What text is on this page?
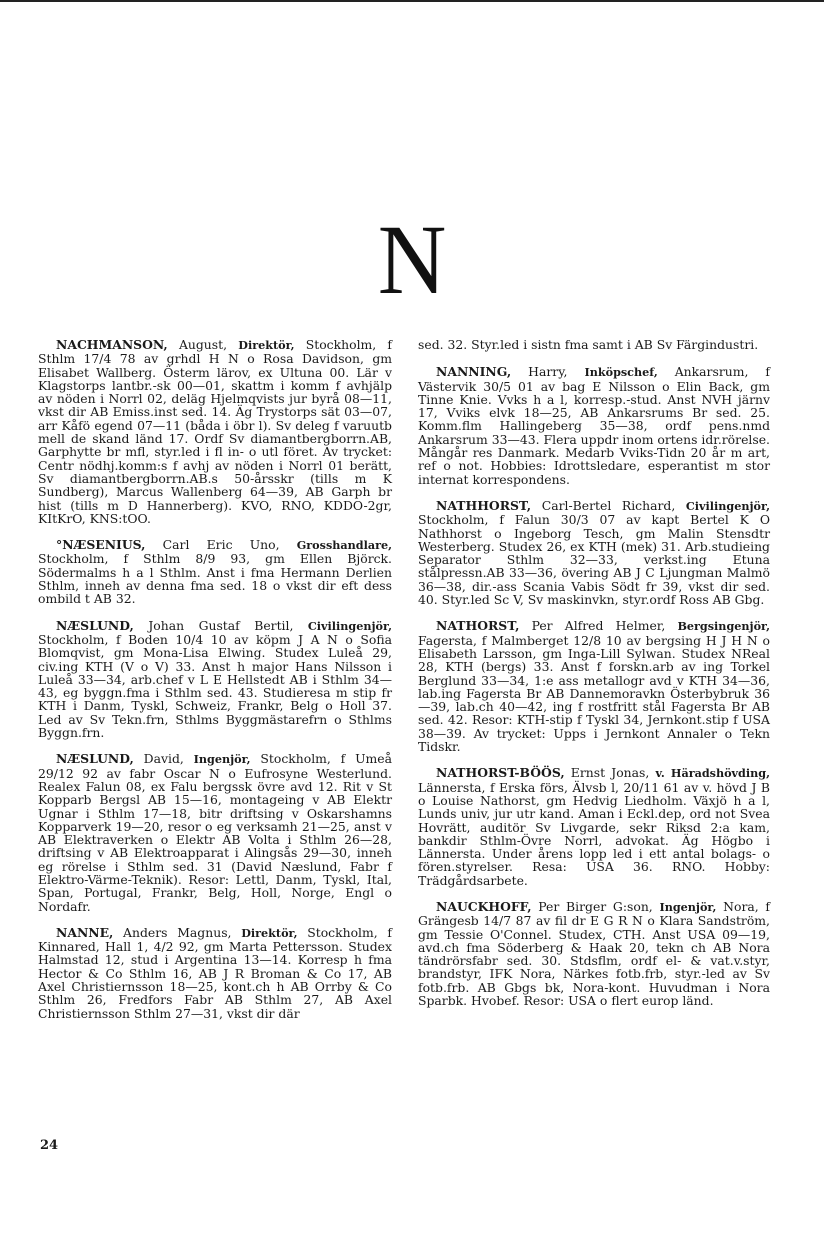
N

NACHMANSON, August, Direktör, Stockholm, f Sthlm 17/4 78 av grhdl H N o Rosa Davidson, gm Elisabet Wallberg. Österm lärov, ex Ultuna 00. Lär v Klagstorps lantbr.-sk 00—01, skattm i komm f avhjälp av nöden i Norrl 02, deläg Hjelmqvists jur byrå 08—11, vkst dir AB Emiss.inst sed. 14. Äg Trystorps sät 03—07, arr Kåfö egend 07—11 (båda i öbr l). Sv deleg f varuutb mell de skand länd 17. Ordf Sv diamantbergborrn.AB, Garphytte br mfl, styr.led i fl in- o utl föret. Av trycket: Centr nödhj.komm:s f avhj av nöden i Norrl 01 berätt, Sv diamantbergborrn.AB.s 50-årsskr (tills m K Sundberg), Marcus Wallenberg 64—39, AB Garph br hist (tills m D Hannerberg). KVO, RNO, KDDO-2gr, KItKrO, KNS:tOO.

°NÆSENIUS, Carl Eric Uno, Grosshandlare, Stockholm, f Sthlm 8/9 93, gm Ellen Björck. Södermalms h a l Sthlm. Anst i fma Hermann Derlien Sthlm, inneh av denna fma sed. 18 o vkst dir eft dess ombild t AB 32.

NÆSLUND, Johan Gustaf Bertil, Civilingenjör, Stockholm, f Boden 10/4 10 av köpm J A N o Sofia Blomqvist, gm Mona-Lisa Elwing. Studex Luleå 29, civ.ing KTH (V o V) 33. Anst h major Hans Nilsson i Luleå 33—34, arb.chef v L E Hellstedt AB i Sthlm 34—43, eg byggn.fma i Sthlm sed. 43. Studieresa m stip fr KTH i Danm, Tyskl, Schweiz, Frankr, Belg o Holl 37. Led av Sv Tekn.frn, Sthlms Byggmästarefrn o Sthlms Byggn.frn.

NÆSLUND, David, Ingenjör, Stockholm, f Umeå 29/12 92 av fabr Oscar N o Eufrosyne Westerlund. Realex Falun 08, ex Falu bergssk övre avd 12. Rit v St Kopparb Bergsl AB 15—16, montageing v AB Elektr Ugnar i Sthlm 17—18, bitr driftsing v Oskarshamns Kopparverk 19—20, resor o eg verksamh 21—25, anst v AB Elektraverken o Elektr AB Volta i Sthlm 26—28, driftsing v AB Elektroapparat i Alingsås 29—30, inneh eg rörelse i Sthlm sed. 31 (David Næslund, Fabr f Elektro-Värme-Teknik). Resor: Lettl, Danm, Tyskl, Ital, Span, Portugal, Frankr, Belg, Holl, Norge, Engl o Nordafr.

NANNE, Anders Magnus, Direktör, Stockholm, f Kinnared, Hall 1, 4/2 92, gm Marta Pettersson. Studex Halmstad 12, stud i Argentina 13—14. Korresp h fma Hector & Co Sthlm 16, AB J R Broman & Co 17, AB Axel Christiernsson 18—25, kont.ch h AB Orrby & Co Sthlm 26, Fredfors Fabr AB Sthlm 27, AB Axel Christiernsson Sthlm 27—31, vkst dir där

sed. 32. Styr.led i sistn fma samt i AB Sv Färgindustri.

NANNING, Harry, Inköpschef, Ankarsrum, f Västervik 30/5 01 av bag E Nilsson o Elin Back, gm Tinne Knie. Vvks h a l, korresp.-stud. Anst NVH järnv 17, Vviks elvk 18—25, AB Ankarsrums Br sed. 25. Komm.flm Hallingeberg 35—38, ordf pens.nmd Ankarsrum 33—43. Flera uppdr inom ortens idr.rörelse. Mångår res Danmark. Medarb Vviks-Tidn 20 år m art, ref o not. Hobbies: Idrottsledare, esperantist m stor internat korrespondens.

NATHHORST, Carl-Bertel Richard, Civilingenjör, Stockholm, f Falun 30/3 07 av kapt Bertel K O Nathhorst o Ingeborg Tesch, gm Malin Stensdtr Westerberg. Studex 26, ex KTH (mek) 31. Arb.studieing Separator Sthlm 32—33, verkst.ing Etuna stålpressn.AB 33—36, övering AB J C Ljungman Malmö 36—38, dir.-ass Scania Vabis Södt fr 39, vkst dir sed. 40. Styr.led Sc V, Sv maskinvkn, styr.ordf Ross AB Gbg.

NATHORST, Per Alfred Helmer, Bergsingenjör, Fagersta, f Malmberget 12/8 10 av bergsing H J H N o Elisabeth Larsson, gm Inga-Lill Sylwan. Studex NReal 28, KTH (bergs) 33. Anst f forskn.arb av ing Torkel Berglund 33—34, 1:e ass metallogr avd v KTH 34—36, lab.ing Fagersta Br AB Dannemoravkn Österbybruk 36—39, lab.ch 40—42, ing f rostfritt stål Fagersta Br AB sed. 42. Resor: KTH-stip f Tyskl 34, Jernkont.stip f USA 38—39. Av trycket: Upps i Jernkont Annaler o Tekn Tidskr.

NATHORST-BÖÖS, Ernst Jonas, v. Häradshövding, Lännersta, f Erska förs, Älvsb l, 20/11 61 av v. hövd J B o Louise Nathorst, gm Hedvig Liedholm. Växjö h a l, Lunds univ, jur utr kand. Aman i Eckl.dep, ord not Svea Hovrätt, auditör Sv Livgarde, sekr Riksd 2:a kam, bankdir Sthlm-Övre Norrl, advokat. Äg Högbo i Lännersta. Under årens lopp led i ett antal bolags- o fören.styrelser. Resa: USA 36. RNO. Hobby: Trädgårdsarbete.

NAUCKHOFF, Per Birger G:son, Ingenjör, Nora, f Grängesb 14/7 87 av fil dr E G R N o Klara Sandström, gm Tessie O'Connel. Studex, CTH. Anst USA 09—19, avd.ch fma Söderberg & Haak 20, tekn ch AB Nora tändrörsfabr sed. 30. Stdsflm, ordf el- & vat.v.styr, brandstyr, IFK Nora, Närkes fotb.frb, styr.-led av Sv fotb.frb. AB Gbgs bk, Nora-kont. Huvudman i Nora Sparbk. Hvobef. Resor: USA o flert europ länd.

24
